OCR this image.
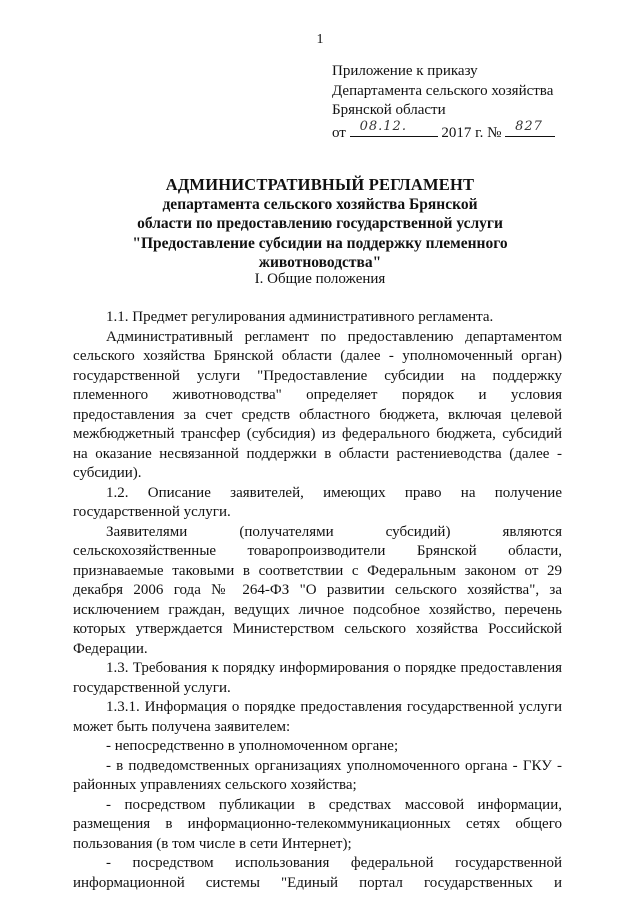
1
Приложение к приказу
Департамента сельского хозяйства
Брянской области
от 08.12. 2017 г. № 827
АДМИНИСТРАТИВНЫЙ РЕГЛАМЕНТ
департамента сельского хозяйства Брянской
области по предоставлению государственной услуги
"Предоставление субсидии на поддержку племенного
животноводства"
I. Общие положения

1.1. Предмет регулирования административного регламента.

Административный регламент по предоставлению департаментом сельского хозяйства Брянской области (далее - уполномоченный орган) государственной услуги "Предоставление субсидии на поддержку племенного животноводства" определяет порядок и условия предоставления за счет средств областного бюджета, включая целевой межбюджетный трансфер (субсидия) из федерального бюджета, субсидий на оказание несвязанной поддержки в области растениеводства (далее - субсидии).

1.2. Описание заявителей, имеющих право на получение государственной услуги.

Заявителями (получателями субсидий) являются сельскохозяйственные товаропроизводители Брянской области, признаваемые таковыми в соответствии с Федеральным законом от 29 декабря 2006 года № 264-ФЗ "О развитии сельского хозяйства", за исключением граждан, ведущих личное подсобное хозяйство, перечень которых утверждается Министерством сельского хозяйства Российской Федерации.

1.3. Требования к порядку информирования о порядке предоставления государственной услуги.

1.3.1. Информация о порядке предоставления государственной услуги может быть получена заявителем:

- непосредственно в уполномоченном органе;

- в подведомственных организациях уполномоченного органа - ГКУ - районных управлениях сельского хозяйства;

- посредством публикации в средствах массовой информации, размещения в информационно-телекоммуникационных сетях общего пользования (в том числе в сети Интернет);

- посредством использования федеральной государственной информационной системы "Единый портал государственных и
